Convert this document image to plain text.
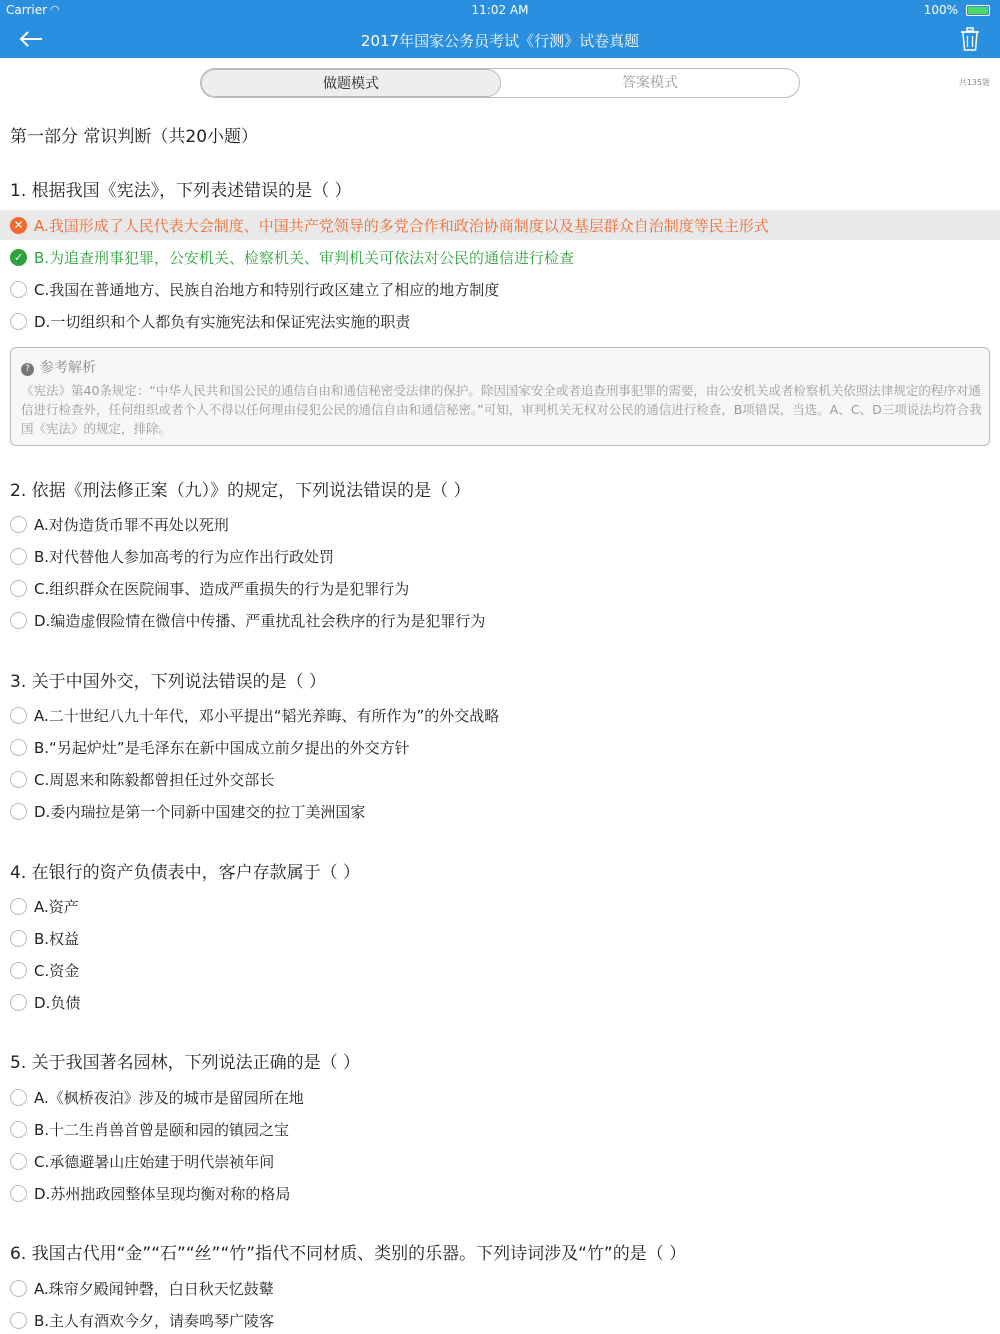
Carrier ◠	11:02 AM	100%
2017年国家公务员考试《行测》试卷真题
做题模式	答案模式	共135题
第一部分 常识判断（共20小题）
1. 根据我国《宪法》，下列表述错误的是（ ）
✕ A.我国形成了人民代表大会制度、中国共产党领导的多党合作和政治协商制度以及基层群众自治制度等民主形式
✓ B.为追查刑事犯罪，公安机关、检察机关、审判机关可依法对公民的通信进行检查
C.我国在普通地方、民族自治地方和特别行政区建立了相应的地方制度
D.一切组织和个人都负有实施宪法和保证宪法实施的职责
? 参考解析
《宪法》第40条规定：“中华人民共和国公民的通信自由和通信秘密受法律的保护。除因国家安全或者追查刑事犯罪的需要，由公安机关或者检察机关依照法律规定的程序对通信进行检查外，任何组织或者个人不得以任何理由侵犯公民的通信自由和通信秘密。”可知，审判机关无权对公民的通信进行检查，B项错误，当选。A、C、D三项说法均符合我国《宪法》的规定，排除。
2. 依据《刑法修正案（九）》的规定，下列说法错误的是（ ）
A.对伪造货币罪不再处以死刑
B.对代替他人参加高考的行为应作出行政处罚
C.组织群众在医院闹事、造成严重损失的行为是犯罪行为
D.编造虚假险情在微信中传播、严重扰乱社会秩序的行为是犯罪行为
3. 关于中国外交，下列说法错误的是（ ）
A.二十世纪八九十年代，邓小平提出“韬光养晦、有所作为”的外交战略
B.“另起炉灶”是毛泽东在新中国成立前夕提出的外交方针
C.周恩来和陈毅都曾担任过外交部长
D.委内瑞拉是第一个同新中国建交的拉丁美洲国家
4. 在银行的资产负债表中，客户存款属于（ ）
A.资产
B.权益
C.资金
D.负债
5. 关于我国著名园林，下列说法正确的是（ ）
A.《枫桥夜泊》涉及的城市是留园所在地
B.十二生肖兽首曾是颐和园的镇园之宝
C.承德避暑山庄始建于明代崇祯年间
D.苏州拙政园整体呈现均衡对称的格局
6. 我国古代用“金”“石”“丝”“竹”指代不同材质、类别的乐器。下列诗词涉及“竹”的是（ ）
A.珠帘夕殿闻钟磬，白日秋天忆鼓鼙
B.主人有酒欢今夕，请奏鸣琴广陵客
